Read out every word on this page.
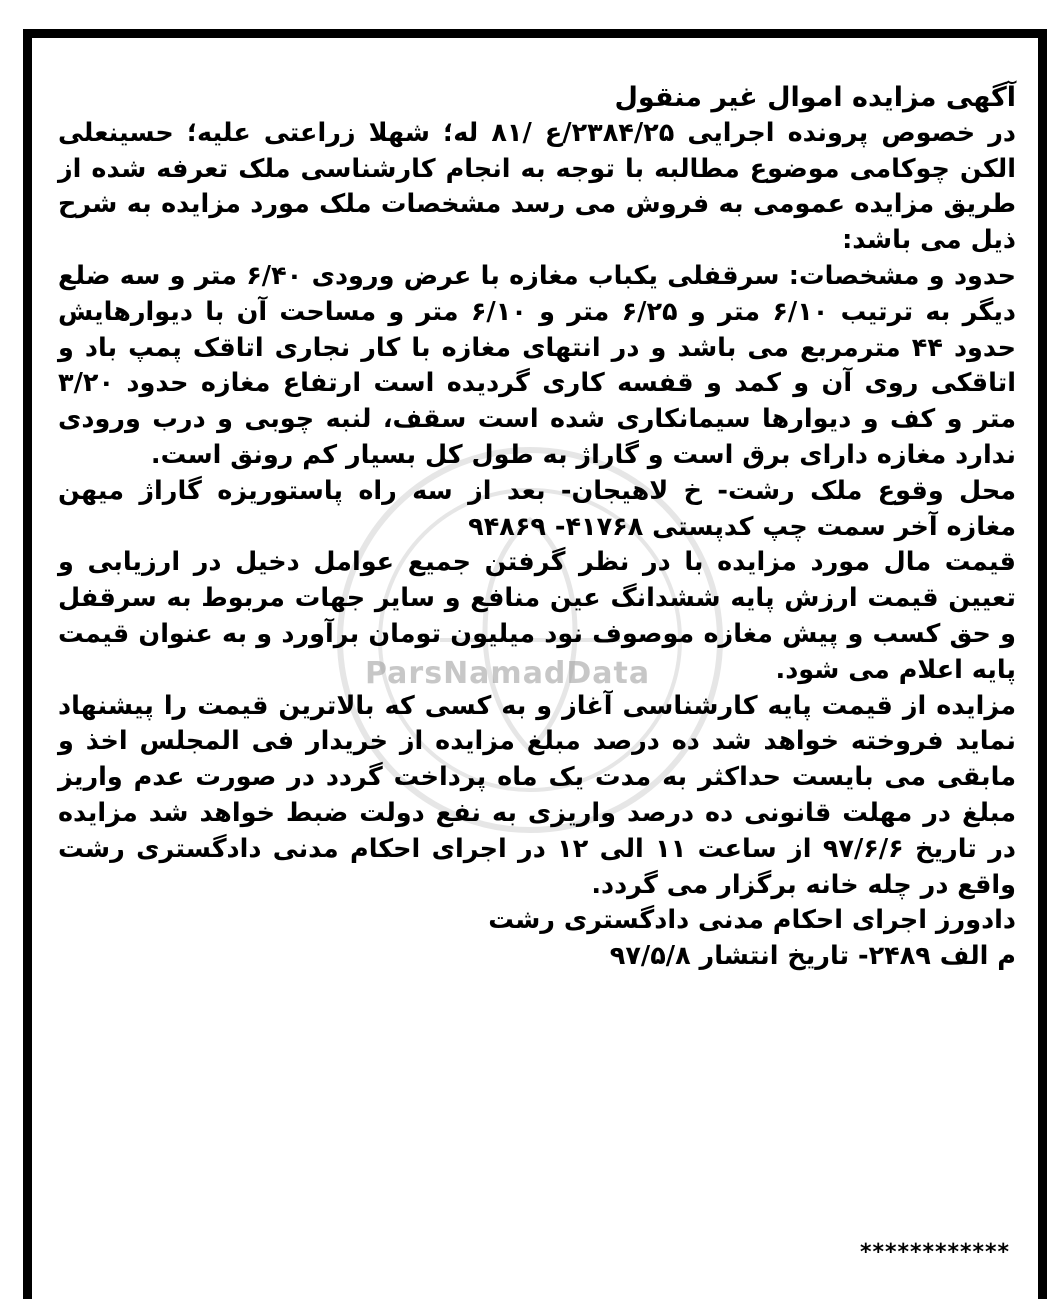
ParsNamadData

آگهی مزایده اموال غیر منقول

در خصوص پرونده اجرایی ۲۳۸۴/۲۵/ع /۸۱ له؛ شهلا زراعتی علیه؛ حسینعلی الکن چوکامی موضوع مطالبه با توجه به انجام کارشناسی ملک تعرفه شده از طریق مزایده عمومی به فروش می رسد مشخصات ملک مورد مزایده به شرح ذیل می باشد:

حدود و مشخصات: سرقفلی یکباب مغازه با عرض ورودی ۶/۴۰ متر و سه ضلع دیگر به ترتیب ۶/۱۰ متر و ۶/۲۵ متر و ۶/۱۰ متر و مساحت آن با دیوارهایش حدود ۴۴ مترمربع می باشد و در انتهای مغازه با کار نجاری اتاقک پمپ باد و اتاقکی روی آن و کمد و قفسه کاری گردیده است ارتفاع مغازه حدود ۳/۲۰ متر و کف و دیوارها سیمانکاری شده است سقف، لنبه چوبی و درب ورودی ندارد مغازه دارای برق است و گاراژ به طول کل بسیار کم رونق است.

محل وقوع ملک رشت- خ لاهیجان- بعد از سه راه پاستوریزه گاراژ میهن مغازه آخر سمت چپ کدپستی ۴۱۷۶۸- ۹۴۸۶۹

قیمت مال مورد مزایده با در نظر گرفتن جمیع عوامل دخیل در ارزیابی و تعیین قیمت ارزش پایه ششدانگ عین منافع و سایر جهات مربوط به سرقفل و حق کسب و پیش مغازه موصوف نود میلیون تومان برآورد و به عنوان قیمت پایه اعلام می شود.

مزایده از قیمت پایه کارشناسی آغاز و به کسی که بالاترین قیمت را پیشنهاد نماید فروخته خواهد شد ده درصد مبلغ مزایده از خریدار فی المجلس اخذ و مابقی می بایست حداکثر به مدت یک ماه پرداخت گردد در صورت عدم واریز مبلغ در مهلت قانونی ده درصد واریزی به نفع دولت ضبط خواهد شد مزایده در تاریخ ۹۷/۶/۶ از ساعت ۱۱ الی ۱۲ در اجرای احکام مدنی دادگستری رشت واقع در چله خانه برگزار می گردد.

دادورز اجرای احکام مدنی دادگستری رشت

م الف ۲۴۸۹- تاریخ انتشار ۹۷/۵/۸

************
